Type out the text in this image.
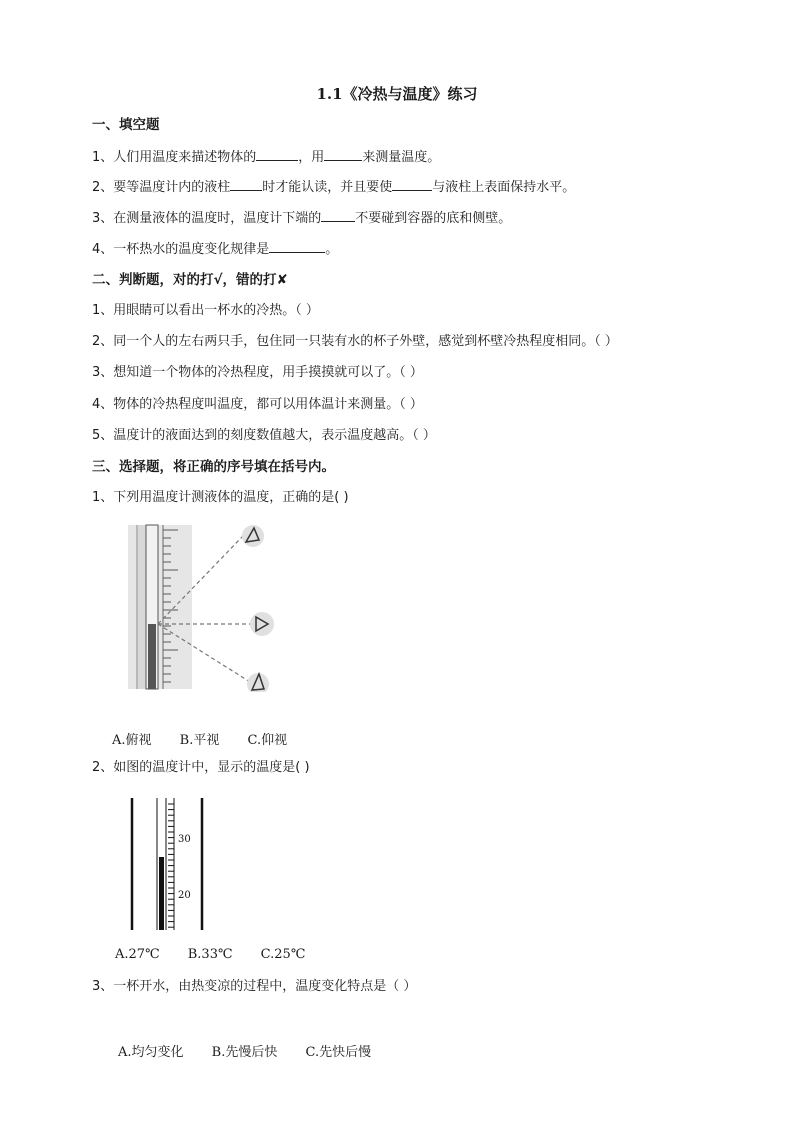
1.1《冷热与温度》练习
一、填空题
1、人们用温度来描述物体的	，用	来测量温度。
2、要等温度计内的液柱 时才能认读，并且要使	与液柱上表面保持水平。
3、在测量液体的温度时，温度计下端的	不要碰到容器的底和侧壁。
4、一杯热水的温度变化规律是	。
二、判断题，对的打√，错的打✘
1、用眼睛可以看出一杯水的冷热。（ ）
2、同一个人的左右两只手，包住同一只装有水的杯子外壁，感觉到杯壁冷热程度相同。（ ）
3、想知道一个物体的冷热程度，用手摸摸就可以了。（ ）
4、物体的冷热程度叫温度，都可以用体温计来测量。（ ）
5、温度计的液面达到的刻度数值越大，表示温度越高。（ ）
三、选择题，将正确的序号填在括号内。
1、下列用温度计测液体的温度，正确的是( )
A.俯视 B.平视 C.仰视
2、如图的温度计中，显示的温度是( )
30
20
A.27℃ B.33℃ C.25℃
3、一杯开水，由热变凉的过程中，温度变化特点是（ ）
A.均匀变化 B.先慢后快 C.先快后慢
